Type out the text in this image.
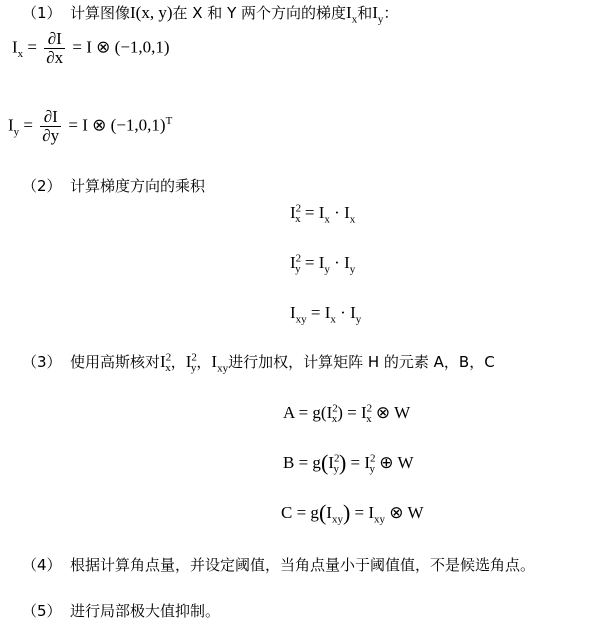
（1） 计算图像I(x, y)在 X 和 Y 两个方向的梯度$I_x$和$I_y$：
$I_x = \frac{\partial I}{\partial x} = I$ ⊗ (−1,0,1)
$I_y = \frac{\partial I}{\partial y} = I$ ⊗ $(-1,0,1)^T$
（2） 计算梯度方向的乘积
$I^2_x = I_x \cdot I_x$
$I^2_y = I_y \cdot I_y$
$I_{xy} = I_x \cdot I_y$
（3） 使用高斯核对$I^2_x$，$I^2_y$，$I_{xy}$进行加权，计算矩阵 H 的元素 A，B，C
$A = g(I^2_x) = I^2_x$ ⊗ W
$B = g(I^2_y) = I^2_y$ ⊕ W
$C = g(I_{xy}) = I_{xy}$ ⊗ W
（4） 根据计算角点量，并设定阈值，当角点量小于阈值值，不是候选角点。
（5） 进行局部极大值抑制。
